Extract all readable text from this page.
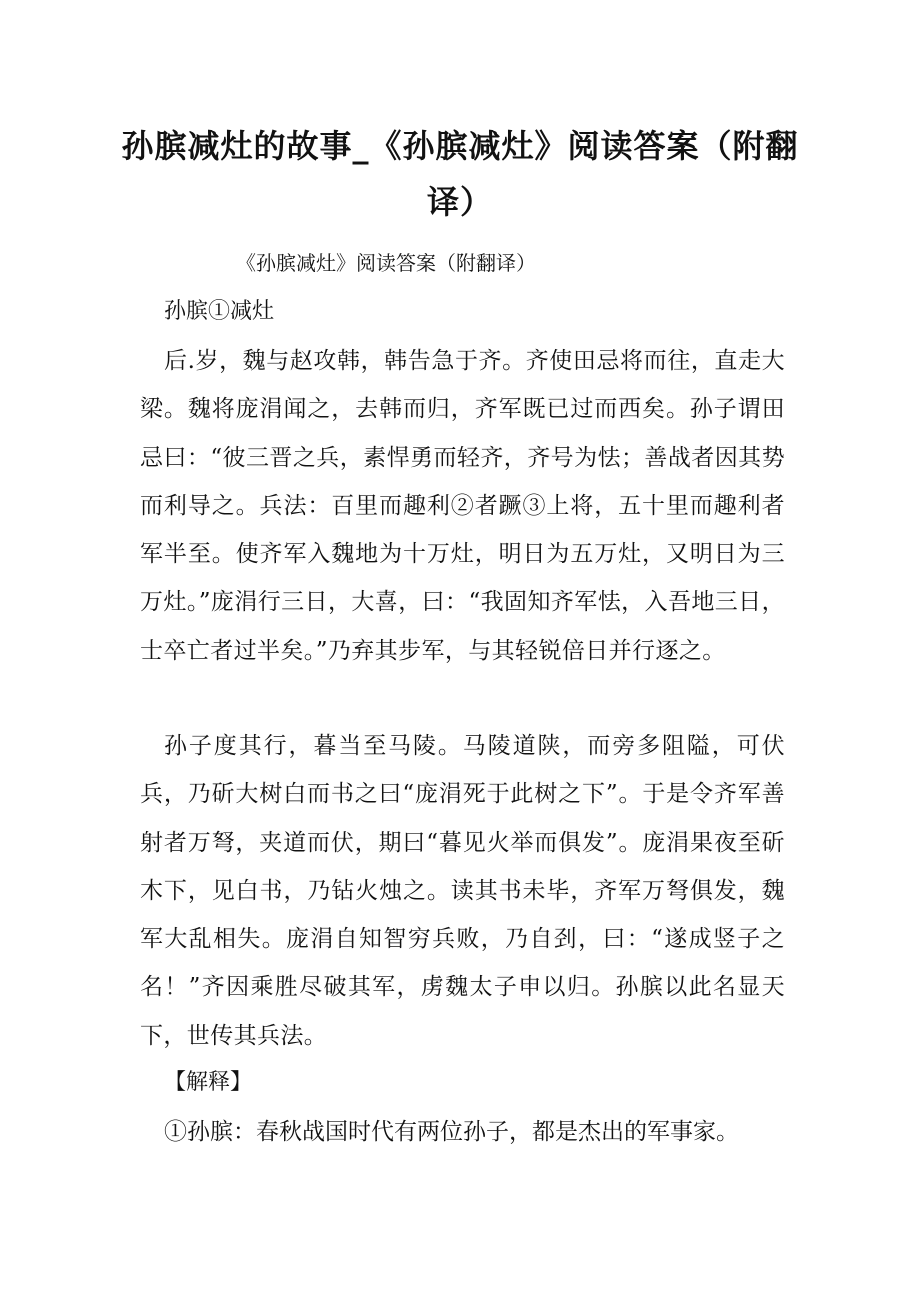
孙膑减灶的故事_《孙膑减灶》阅读答案（附翻译）
《孙膑减灶》阅读答案（附翻译）
孙膑①减灶

后.岁，魏与赵攻韩，韩告急于齐。齐使田忌将而往，直走大梁。魏将庞涓闻之，去韩而归，齐军既已过而西矣。孙子谓田忌曰：“彼三晋之兵，素悍勇而轻齐，齐号为怯；善战者因其势而利导之。兵法：百里而趣利②者蹶③上将，五十里而趣利者军半至。使齐军入魏地为十万灶，明日为五万灶，又明日为三万灶。”庞涓行三日，大喜，曰：“我固知齐军怯，入吾地三日，士卒亡者过半矣。”乃弃其步军，与其轻锐倍日并行逐之。

孙子度其行，暮当至马陵。马陵道陕，而旁多阻隘，可伏兵，乃斫大树白而书之曰“庞涓死于此树之下”。于是令齐军善射者万弩，夹道而伏，期曰“暮见火举而俱发”。庞涓果夜至斫木下，见白书，乃钻火烛之。读其书未毕，齐军万弩俱发，魏军大乱相失。庞涓自知智穷兵败，乃自刭，曰：“遂成竖子之名！”齐因乘胜尽破其军，虏魏太子申以归。孙膑以此名显天下，世传其兵法。

【解释】
①孙膑：春秋战国时代有两位孙子，都是杰出的军事家。
